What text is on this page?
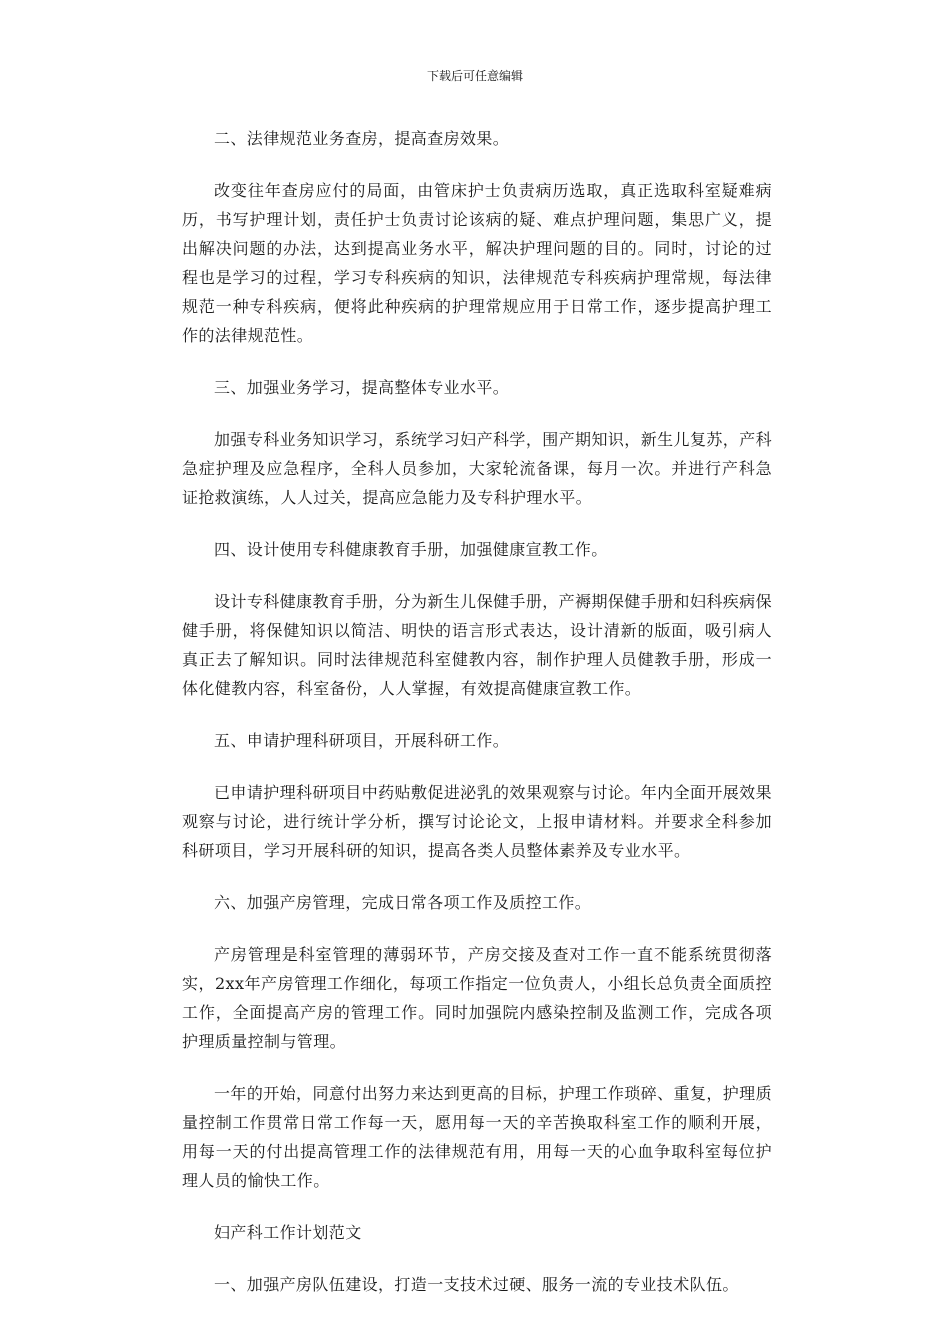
下载后可任意编辑

二、法律规范业务查房，提高查房效果。

改变往年查房应付的局面，由管床护士负责病历选取，真正选取科室疑难病历，书写护理计划，责任护士负责讨论该病的疑、难点护理问题，集思广义，提出解决问题的办法，达到提高业务水平，解决护理问题的目的。同时，讨论的过程也是学习的过程，学习专科疾病的知识，法律规范专科疾病护理常规，每法律规范一种专科疾病，便将此种疾病的护理常规应用于日常工作，逐步提高护理工作的法律规范性。

三、加强业务学习，提高整体专业水平。

加强专科业务知识学习，系统学习妇产科学，围产期知识，新生儿复苏，产科急症护理及应急程序，全科人员参加，大家轮流备课，每月一次。并进行产科急证抢救演练，人人过关，提高应急能力及专科护理水平。

四、设计使用专科健康教育手册，加强健康宣教工作。

设计专科健康教育手册，分为新生儿保健手册，产褥期保健手册和妇科疾病保健手册，将保健知识以简洁、明快的语言形式表达，设计清新的版面，吸引病人真正去了解知识。同时法律规范科室健教内容，制作护理人员健教手册，形成一体化健教内容，科室备份，人人掌握，有效提高健康宣教工作。

五、申请护理科研项目，开展科研工作。

已申请护理科研项目中药贴敷促进泌乳的效果观察与讨论。年内全面开展效果观察与讨论，进行统计学分析，撰写讨论论文，上报申请材料。并要求全科参加科研项目，学习开展科研的知识，提高各类人员整体素养及专业水平。

六、加强产房管理，完成日常各项工作及质控工作。

产房管理是科室管理的薄弱环节，产房交接及查对工作一直不能系统贯彻落实，2xx年产房管理工作细化，每项工作指定一位负责人，小组长总负责全面质控工作，全面提高产房的管理工作。同时加强院内感染控制及监测工作，完成各项护理质量控制与管理。

一年的开始，同意付出努力来达到更高的目标，护理工作琐碎、重复，护理质量控制工作贯常日常工作每一天，愿用每一天的辛苦换取科室工作的顺利开展，用每一天的付出提高管理工作的法律规范有用，用每一天的心血争取科室每位护理人员的愉快工作。

妇产科工作计划范文

一、加强产房队伍建设，打造一支技术过硬、服务一流的专业技术队伍。
